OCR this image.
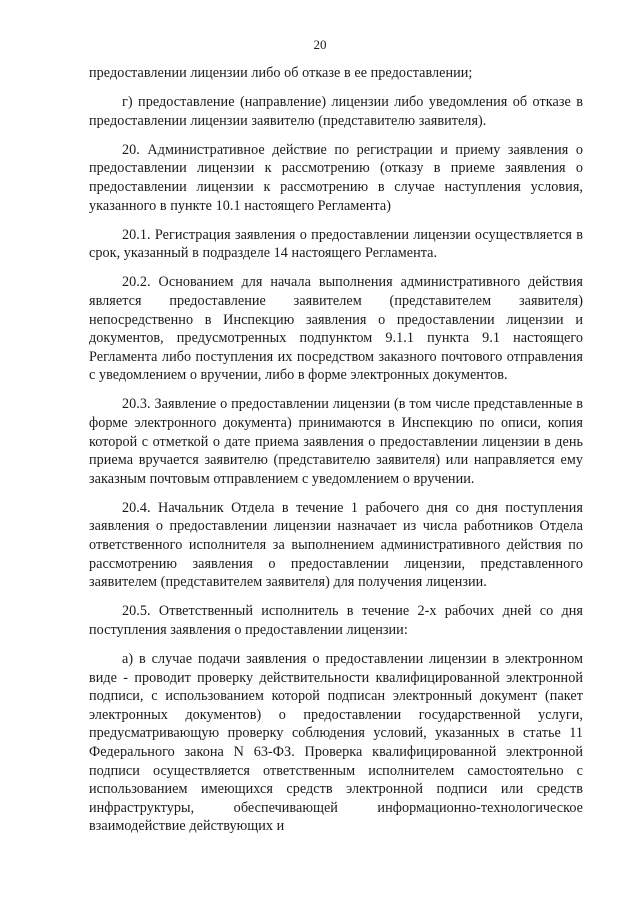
20

предоставлении лицензии либо об отказе в ее предоставлении;

г) предоставление (направление) лицензии либо уведомления об отказе в предоставлении лицензии заявителю (представителю заявителя).

20. Административное действие по регистрации и приему заявления о предоставлении лицензии к рассмотрению (отказу в приеме заявления о предоставлении лицензии к рассмотрению в случае наступления условия, указанного в пункте 10.1 настоящего Регламента)

20.1. Регистрация заявления о предоставлении лицензии осуществляется в срок, указанный в подразделе 14 настоящего Регламента.

20.2. Основанием для начала выполнения административного действия является предоставление заявителем (представителем заявителя) непосредственно в Инспекцию заявления о предоставлении лицензии и документов, предусмотренных подпунктом 9.1.1 пункта 9.1 настоящего Регламента либо поступления их посредством заказного почтового отправления с уведомлением о вручении, либо в форме электронных документов.

20.3. Заявление о предоставлении лицензии (в том числе представленные в форме электронного документа) принимаются в Инспекцию по описи, копия которой с отметкой о дате приема заявления о предоставлении лицензии в день приема вручается заявителю (представителю заявителя) или направляется ему заказным почтовым отправлением с уведомлением о вручении.

20.4. Начальник Отдела в течение 1 рабочего дня со дня поступления заявления о предоставлении лицензии назначает из числа работников Отдела ответственного исполнителя за выполнением административного действия по рассмотрению заявления о предоставлении лицензии, представленного заявителем (представителем заявителя) для получения лицензии.

20.5. Ответственный исполнитель в течение 2-х рабочих дней со дня поступления заявления о предоставлении лицензии:

а) в случае подачи заявления о предоставлении лицензии в электронном виде - проводит проверку действительности квалифицированной электронной подписи, с использованием которой подписан электронный документ (пакет электронных документов) о предоставлении государственной услуги, предусматривающую проверку соблюдения условий, указанных в статье 11 Федерального закона N 63-ФЗ. Проверка квалифицированной электронной подписи осуществляется ответственным исполнителем самостоятельно с использованием имеющихся средств электронной подписи или средств инфраструктуры, обеспечивающей информационно-технологическое взаимодействие действующих и
